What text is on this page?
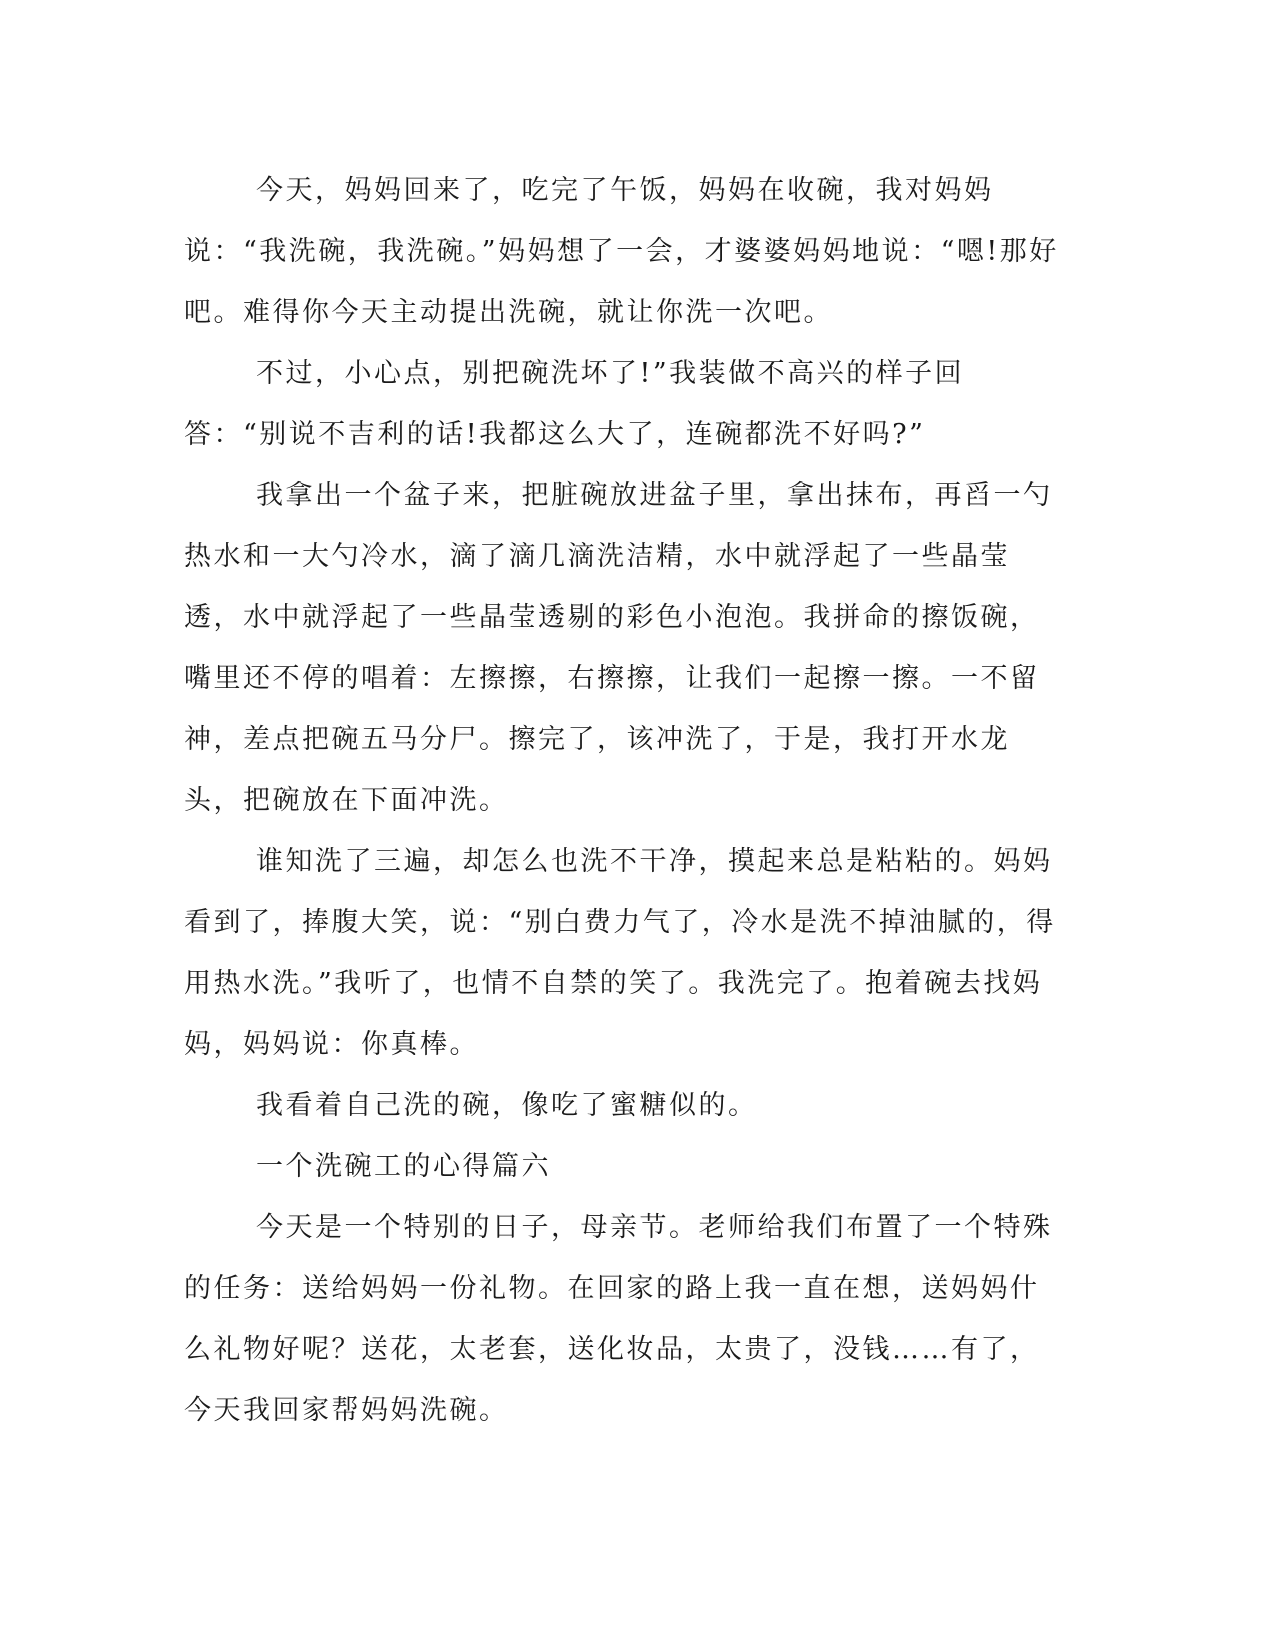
今天，妈妈回来了，吃完了午饭，妈妈在收碗，我对妈妈说：“我洗碗，我洗碗。”妈妈想了一会，才婆婆妈妈地说：“嗯!那好吧。难得你今天主动提出洗碗，就让你洗一次吧。

不过，小心点，别把碗洗坏了!”我装做不高兴的样子回答：“别说不吉利的话!我都这么大了，连碗都洗不好吗?”

我拿出一个盆子来，把脏碗放进盆子里，拿出抹布，再舀一勺热水和一大勺冷水，滴了滴几滴洗洁精，水中就浮起了一些晶莹透，水中就浮起了一些晶莹透剔的彩色小泡泡。我拼命的擦饭碗，嘴里还不停的唱着：左擦擦，右擦擦，让我们一起擦一擦。一不留神，差点把碗五马分尸。擦完了，该冲洗了，于是，我打开水龙头，把碗放在下面冲洗。

谁知洗了三遍，却怎么也洗不干净，摸起来总是粘粘的。妈妈看到了，捧腹大笑，说：“别白费力气了，冷水是洗不掉油腻的，得用热水洗。”我听了，也情不自禁的笑了。我洗完了。抱着碗去找妈妈，妈妈说：你真棒。

我看着自己洗的碗，像吃了蜜糖似的。

一个洗碗工的心得篇六

今天是一个特别的日子，母亲节。老师给我们布置了一个特殊的任务：送给妈妈一份礼物。在回家的路上我一直在想，送妈妈什么礼物好呢？送花，太老套，送化妆品，太贵了，没钱……有了，今天我回家帮妈妈洗碗。
